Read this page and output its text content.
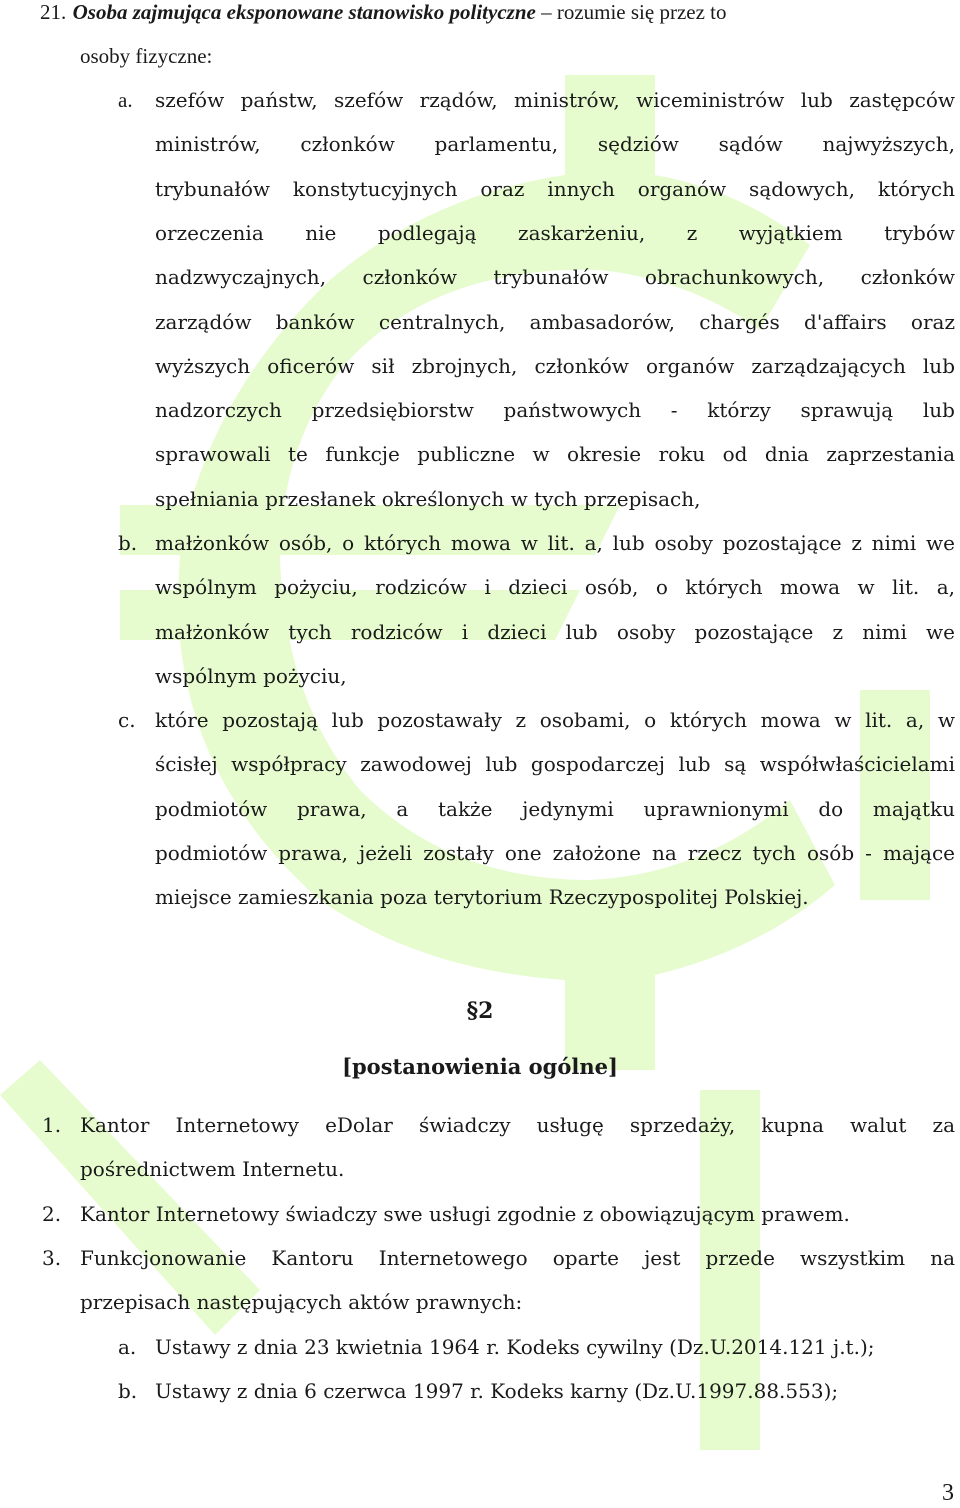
21. Osoba zajmująca eksponowane stanowisko polityczne – rozumie się przez to
osoby fizyczne:
a. szefów państw, szefów rządów, ministrów, wiceministrów lub zastępców
ministrów, członków parlamentu, sędziów sądów najwyższych,
trybunałów konstytucyjnych oraz innych organów sądowych, których
orzeczenia nie podlegają zaskarżeniu, z wyjątkiem trybów
nadzwyczajnych, członków trybunałów obrachunkowych, członków
zarządów banków centralnych, ambasadorów, chargés d'affairs oraz
wyższych oficerów sił zbrojnych, członków organów zarządzających lub
nadzorczych przedsiębiorstw państwowych - którzy sprawują lub
sprawowali te funkcje publiczne w okresie roku od dnia zaprzestania
spełniania przesłanek określonych w tych przepisach,
b. małżonków osób, o których mowa w lit. a, lub osoby pozostające z nimi we
wspólnym pożyciu, rodziców i dzieci osób, o których mowa w lit. a,
małżonków tych rodziców i dzieci lub osoby pozostające z nimi we
wspólnym pożyciu,
c. które pozostają lub pozostawały z osobami, o których mowa w lit. a, w
ścisłej współpracy zawodowej lub gospodarczej lub są współwłaścicielami
podmiotów prawa, a także jedynymi uprawnionymi do majątku
podmiotów prawa, jeżeli zostały one założone na rzecz tych osób - mające
miejsce zamieszkania poza terytorium Rzeczypospolitej Polskiej.
§2
[postanowienia ogólne]
1. Kantor Internetowy eDolar świadczy usługę sprzedaży, kupna walut za
pośrednictwem Internetu.
2. Kantor Internetowy świadczy swe usługi zgodnie z obowiązującym prawem.
3. Funkcjonowanie Kantoru Internetowego oparte jest przede wszystkim na
przepisach następujących aktów prawnych:
a. Ustawy z dnia 23 kwietnia 1964 r. Kodeks cywilny (Dz.U.2014.121 j.t.);
b. Ustawy z dnia 6 czerwca 1997 r. Kodeks karny (Dz.U.1997.88.553);
3
